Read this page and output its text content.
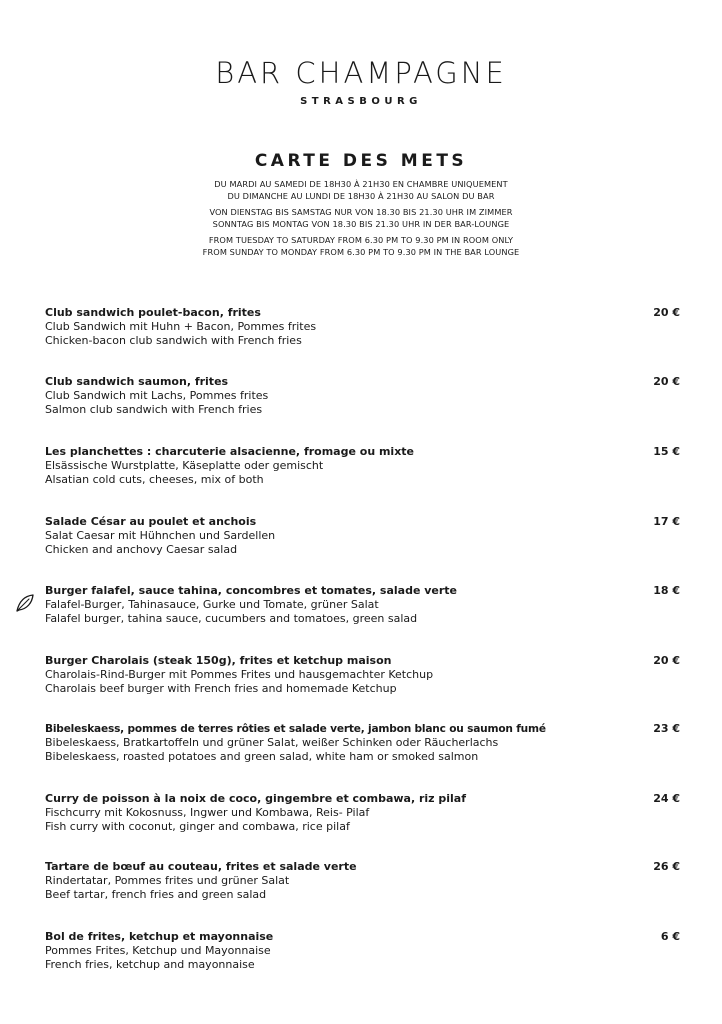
BAR CHAMPAGNE
STRASBOURG
CARTE DES METS
DU MARDI AU SAMEDI DE 18H30 À 21H30 EN CHAMBRE UNIQUEMENT
DU DIMANCHE AU LUNDI DE 18H30 À 21H30 AU SALON DU BAR
VON DIENSTAG BIS SAMSTAG NUR VON 18.30 BIS 21.30 UHR IM ZIMMER
SONNTAG BIS MONTAG VON 18.30 BIS 21.30 UHR IN DER BAR-LOUNGE
FROM TUESDAY TO SATURDAY FROM 6.30 PM TO 9.30 PM IN ROOM ONLY
FROM SUNDAY TO MONDAY FROM 6.30 PM TO 9.30 PM IN THE BAR LOUNGE
Club sandwich poulet-bacon, frites
Club Sandwich mit Huhn + Bacon, Pommes frites
Chicken-bacon club sandwich with French fries
20 €
Club sandwich saumon, frites
Club Sandwich mit Lachs, Pommes frites
Salmon club sandwich with French fries
20 €
Les planchettes : charcuterie alsacienne, fromage ou mixte
Elsässische Wurstplatte, Käseplatte oder gemischt
Alsatian cold cuts, cheeses, mix of both
15 €
Salade César au poulet et anchois
Salat Caesar mit Hühnchen und Sardellen
Chicken and anchovy Caesar salad
17 €
Burger falafel, sauce tahina, concombres et tomates, salade verte
Falafel-Burger, Tahinasauce, Gurke und Tomate, grüner Salat
Falafel burger, tahina sauce, cucumbers and tomatoes, green salad
18 €
Burger Charolais (steak 150g), frites et ketchup maison
Charolais-Rind-Burger mit Pommes Frites und hausgemachter Ketchup
Charolais beef burger with French fries and homemade Ketchup
20 €
Bibeleskaess, pommes de terres rôties et salade verte, jambon blanc ou saumon fumé
Bibeleskaess, Bratkartoffeln und grüner Salat, weißer Schinken oder Räucherlachs
Bibeleskaess, roasted potatoes and green salad, white ham or smoked salmon
23 €
Curry de poisson à la noix de coco, gingembre et combawa, riz pilaf
Fischcurry mit Kokosnuss, Ingwer und Kombawa, Reis- Pilaf
Fish curry with coconut, ginger and combawa, rice pilaf
24 €
Tartare de bœuf au couteau, frites et salade verte
Rindertatar, Pommes frites und grüner Salat
Beef tartar, french fries and green salad
26 €
Bol de frites, ketchup et mayonnaise
Pommes Frites, Ketchup und Mayonnaise
French fries, ketchup and mayonnaise
6 €
